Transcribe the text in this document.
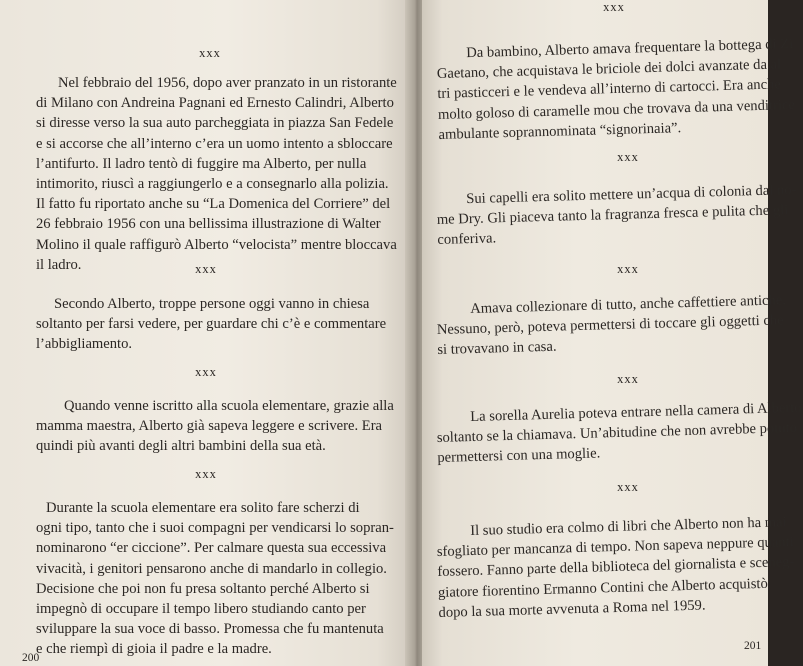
xxx
Nel febbraio del 1956, dopo aver pranzato in un ristorante
di Milano con Andreina Pagnani ed Ernesto Calindri, Alberto
si diresse verso la sua auto parcheggiata in piazza San Fedele
e si accorse che all’interno c’era un uomo intento a sbloccare
l’antifurto. Il ladro tentò di fuggire ma Alberto, per nulla
intimorito, riuscì a raggiungerlo e a consegnarlo alla polizia.
Il fatto fu riportato anche su “La Domenica del Corriere” del
26 febbraio 1956 con una bellissima illustrazione di Walter
Molino il quale raffigurò Alberto “velocista” mentre bloccava
il ladro.	xxx
Secondo Alberto, troppe persone oggi vanno in chiesa
soltanto per farsi vedere, per guardare chi c’è e commentare
l’abbigliamento.
xxx
Quando venne iscritto alla scuola elementare, grazie alla
mamma maestra, Alberto già sapeva leggere e scrivere. Era
quindi più avanti degli altri bambini della sua età.
xxx
Durante la scuola elementare era solito fare scherzi di
ogni tipo, tanto che i suoi compagni per vendicarsi lo sopran-
nominarono “er ciccione”. Per calmare questa sua eccessiva
vivacità, i genitori pensarono anche di mandarlo in collegio.
Decisione che poi non fu presa soltanto perché Alberto si
impegnò di occupare il tempo libero studiando canto per
sviluppare la sua voce di basso. Promessa che fu mantenuta
e che riempì di gioia il padre e la madre.
200
xxx
Da bambino, Alberto amava frequentare la bottega di Zi
Gaetano, che acquistava le briciole dei dolci avanzate da al
tri pasticceri e le vendeva all’interno di cartocci. Era anche
molto goloso di caramelle mou che trovava da una venditrice
ambulante soprannominata “signorinaia”.
xxx
Sui capelli era solito mettere un’acqua di colonia dal no-
me Dry. Gli piaceva tanto la fragranza fresca e pulita che gli
conferiva.
xxx
Amava collezionare di tutto, anche caffettiere antiche.
Nessuno, però, poteva permettersi di toccare gli oggetti che
si trovavano in casa.
xxx
La sorella Aurelia poteva entrare nella camera di Alberto
soltanto se la chiamava. Un’abitudine che non avrebbe potuto
permettersi con una moglie.
xxx
Il suo studio era colmo di libri che Alberto non ha mai
sfogliato per mancanza di tempo. Non sapeva neppure quanti
fossero. Fanno parte della biblioteca del giornalista e sceneg-
giatore fiorentino Ermanno Contini che Alberto acquistò
dopo la sua morte avvenuta a Roma nel 1959.
201
